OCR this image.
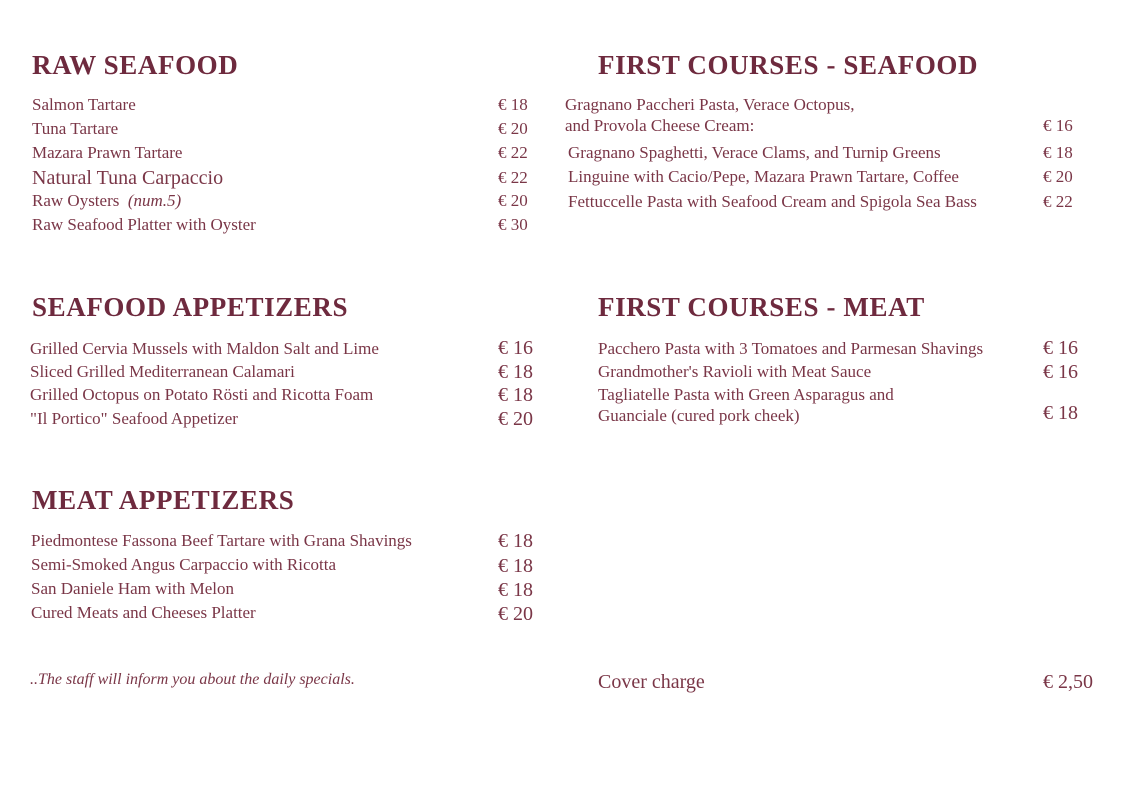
RAW SEAFOOD
Salmon Tartare	€ 18
Tuna Tartare	€ 20
Mazara Prawn Tartare	€ 22
Natural Tuna Carpaccio	€ 22
Raw Oysters (num.5)	€ 20
Raw Seafood Platter with Oyster	€ 30
FIRST COURSES - SEAFOOD
Gragnano Paccheri Pasta, Verace Octopus,
and Provola Cheese Cream:	€ 16
Gragnano Spaghetti, Verace Clams, and Turnip Greens	€ 18
Linguine with Cacio/Pepe, Mazara Prawn Tartare, Coffee	€ 20
Fettuccelle Pasta with Seafood Cream and Spigola Sea Bass	€ 22
SEAFOOD APPETIZERS
Grilled Cervia Mussels with Maldon Salt and Lime	€ 16
Sliced Grilled Mediterranean Calamari	€ 18
Grilled Octopus on Potato Rösti and Ricotta Foam	€ 18
"Il Portico" Seafood Appetizer	€ 20
FIRST COURSES - MEAT
Pacchero Pasta with 3 Tomatoes and Parmesan Shavings	€ 16
Grandmother's Ravioli with Meat Sauce	€ 16
Tagliatelle Pasta with Green Asparagus and
Guanciale (cured pork cheek)	€ 18
MEAT APPETIZERS
Piedmontese Fassona Beef Tartare with Grana Shavings	€ 18
Semi-Smoked Angus Carpaccio with Ricotta	€ 18
San Daniele Ham with Melon	€ 18
Cured Meats and Cheeses Platter	€ 20
..The staff will inform you about the daily specials.	Cover charge	€ 2,50
